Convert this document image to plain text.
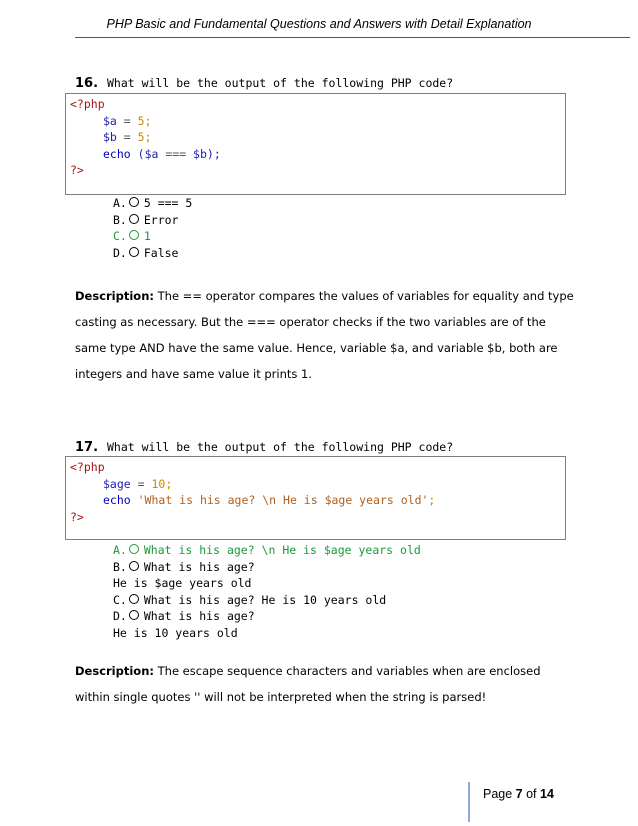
PHP Basic and Fundamental Questions and Answers with Detail Explanation
16. What will be the output of the following PHP code?
<?php
$a = 5;
$b = 5;
echo ($a === $b);
?>
A. 5 === 5
B. Error
C. 1
D. False
Description: The == operator compares the values of variables for equality and type casting as necessary. But the === operator checks if the two variables are of the same type AND have the same value. Hence, variable $a, and variable $b, both are integers and have same value it prints 1.
17. What will be the output of the following PHP code?
<?php
$age = 10;
echo 'What is his age? \n He is $age years old';
?>
A. What is his age? \n He is $age years old
B. What is his age?
He is $age years old
C. What is his age? He is 10 years old
D. What is his age?
He is 10 years old
Description: The escape sequence characters and variables when are enclosed within single quotes '' will not be interpreted when the string is parsed!
Page 7 of 14
